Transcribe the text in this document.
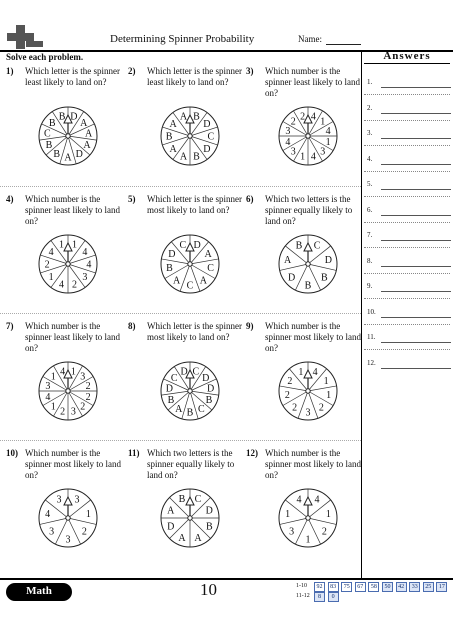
Determining Spinner Probability	Name:
Solve each problem.	Answers
1.
2.
3.
4.
5.
6.
7.
8.
9.
10.
11.
12.
1) Which letter is the spinner least likely to land on?
D
A
A
A
D
A
B
B
C
B
B
2) Which letter is the spinner least likely to land on?
B
D
C
D
B
A
A
B
A
A
3) Which number is the spinner least likely to land on?
4 1
4
1
3
4
1
3
4
3
2 2
4) Which number is the spinner least likely to land on?
1
4
4
3
2
4
1
2
4
1
5) Which letter is the spinner most likely to land on?
D
A
C
A
C
A
B
D
C
6) Which two letters is the spinner equally likely to land on?
C
D
B
B
D
A
B
7) Which number is the spinner least likely to land on?
1 3
2
2
2
3
2
1
4
3
1 4
8) Which letter is the spinner most likely to land on?
C
D
D
B
C
B
A
B
D
C
D
9) Which number is the spinner most likely to land on?
4
1
1
2
3
2
2
2
1
10) Which number is the spinner most likely to land on?
3
1
2
3
3
4
3
11) Which two letters is the spinner equally likely to land on?
C
D
B
A
A
D
A
B
12) Which number is the spinner most likely to land on?
4
1
2
1
3
1
4
Math	10	1-10	92	83	75	67	58	50	42	33	25	17
11-12	8	0
